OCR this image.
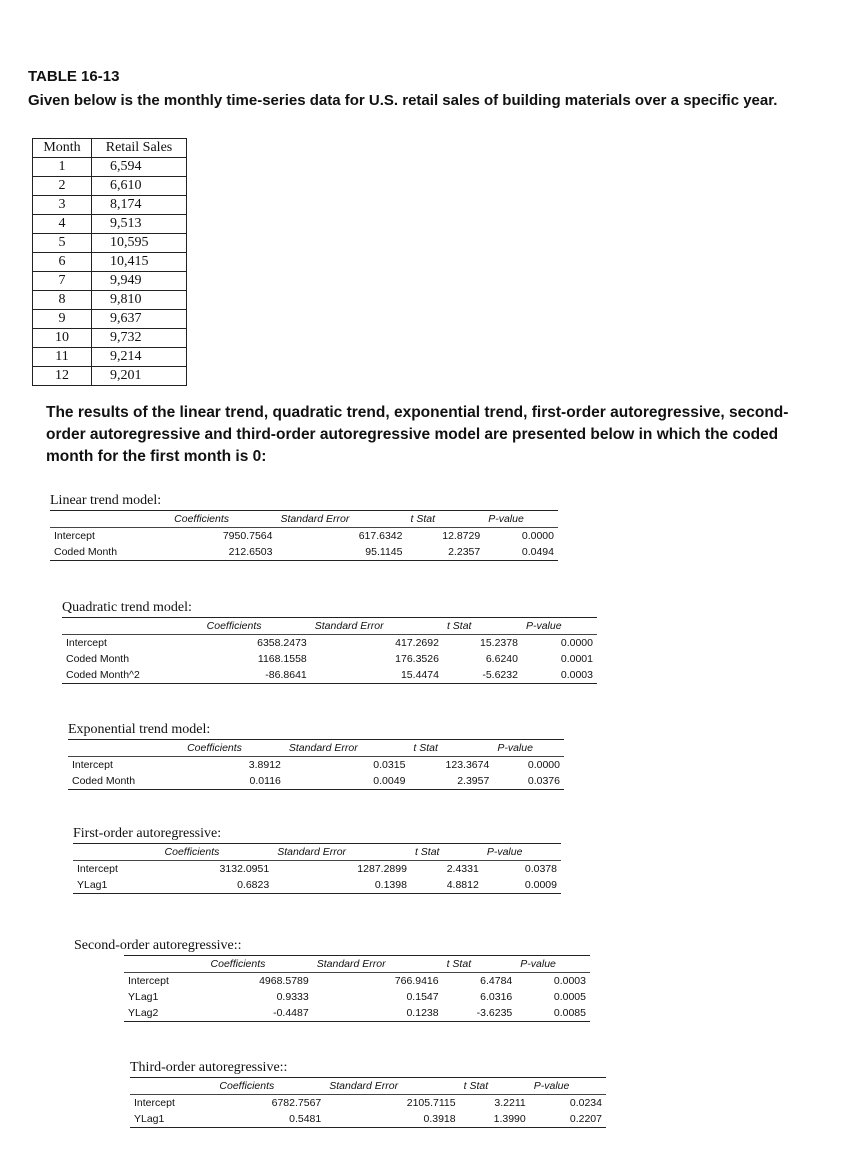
TABLE 16-13

Given below is the monthly time-series data for U.S. retail sales of building materials over a specific year.

Month	Retail Sales
1	6,594
2	6,610
3	8,174
4	9,513
5	10,595
6	10,415
7	9,949
8	9,810
9	9,637
10	9,732
11	9,214
12	9,201

The results of the linear trend, quadratic trend, exponential trend, first-order autoregressive, second-order autoregressive and third-order autoregressive model are presented below in which the coded month for the first month is 0:

Linear trend model:

	Coefficients	Standard Error	t Stat	P-value
Intercept	7950.7564	617.6342	12.8729	0.0000
Coded Month	212.6503	95.1145	2.2357	0.0494

Quadratic trend model:

	Coefficients	Standard Error	t Stat	P-value
Intercept	6358.2473	417.2692	15.2378	0.0000
Coded Month	1168.1558	176.3526	6.6240	0.0001
Coded Month^2	-86.8641	15.4474	-5.6232	0.0003

Exponential trend model:

	Coefficients	Standard Error	t Stat	P-value
Intercept	3.8912	0.0315	123.3674	0.0000
Coded Month	0.0116	0.0049	2.3957	0.0376

First-order autoregressive:

	Coefficients	Standard Error	t Stat	P-value
Intercept	3132.0951	1287.2899	2.4331	0.0378
YLag1	0.6823	0.1398	4.8812	0.0009

Second-order autoregressive::

	Coefficients	Standard Error	t Stat	P-value
Intercept	4968.5789	766.9416	6.4784	0.0003
YLag1	0.9333	0.1547	6.0316	0.0005
YLag2	-0.4487	0.1238	-3.6235	0.0085

Third-order autoregressive::

	Coefficients	Standard Error	t Stat	P-value
Intercept	6782.7567	2105.7115	3.2211	0.0234
YLag1	0.5481	0.3918	1.3990	0.2207
